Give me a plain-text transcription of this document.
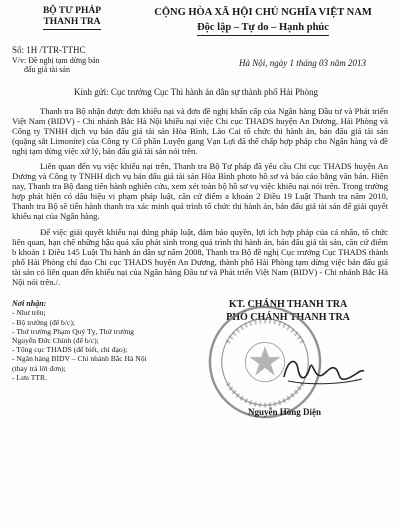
BỘ TƯ PHÁP
THANH TRA
CỘNG HÒA XÃ HỘI CHỦ NGHĨA VIỆT NAM
Độc lập – Tự do – Hạnh phúc
Số: 1H /TTR-TTHC
V/v: Đề nghị tạm dừng bán
đấu giá tài sản
Hà Nội, ngày 1 tháng 03 năm 2013
Kính gửi: Cục trưởng Cục Thi hành án dân sự thành phố Hải Phòng

Thanh tra Bộ nhận được đơn khiếu nại và đơn đề nghị khẩn cấp của Ngân hàng Đầu tư và Phát triển Việt Nam (BIDV) - Chi nhánh Bắc Hà Nội khiếu nại việc Chi cục THADS huyện An Dương, Hải Phòng và Công ty TNHH dịch vụ bán đấu giá tài sản Hòa Bình, Lào Cai tổ chức thi hành án, bán đấu giá tài sản (quặng sắt Limonite) của Công ty Cổ phần Luyện gang Vạn Lợi đã thế chấp hợp pháp cho Ngân hàng và đề nghị tạm dừng việc xử lý, bán đấu giá tài sản nói trên.

Liên quan đến vụ việc khiếu nại trên, Thanh tra Bộ Tư pháp đã yêu cầu Chi cục THADS huyện An Dương và Công ty TNHH dịch vụ bán đấu giá tài sản Hòa Bình photo hồ sơ và báo cáo bằng văn bản. Hiện nay, Thanh tra Bộ đang tiến hành nghiên cứu, xem xét toàn bộ hồ sơ vụ việc khiếu nại nói trên. Trong trường hợp phát hiện có dấu hiệu vi phạm pháp luật, căn cứ điểm a khoản 2 Điều 19 Luật Thanh tra năm 2010, Thanh tra Bộ sẽ tiến hành thanh tra xác minh quá trình tổ chức thi hành án, bán đấu giá tài sản để giải quyết khiếu nại của Ngân hàng.

Để việc giải quyết khiếu nại đúng pháp luật, đảm bảo quyền, lợi ích hợp pháp của cá nhân, tổ chức liên quan, hạn chế những hậu quả xấu phát sinh trong quá trình thi hành án, bán đấu giá tài sản, căn cứ điểm b khoản 1 Điều 145 Luật Thi hành án dân sự năm 2008, Thanh tra Bộ đề nghị Cục trưởng Cục THADS thành phố Hải Phòng chỉ đạo Chi cục THADS huyện An Dương, thành phố Hải Phòng tạm dừng việc bán đấu giá tài sản có liên quan đến khiếu nại của Ngân hàng Đầu tư và Phát triển Việt Nam (BIDV) - Chi nhánh Bắc Hà Nội nói trên./.

Nơi nhận:
- Như trên;
- Bộ trưởng (để b/c);
- Thứ trưởng Phạm Quý Tỵ, Thứ trưởng
Nguyễn Đức Chính (để b/c);
- Tổng cục THADS (để biết, chỉ đạo);
- Ngân hàng BIDV – Chi nhánh Bắc Hà Nội
(thay trả lời đơn);
- Lưu TTR.
KT. CHÁNH THANH TRA
PHÓ CHÁNH THANH TRA
Nguyễn Hồng Diện
